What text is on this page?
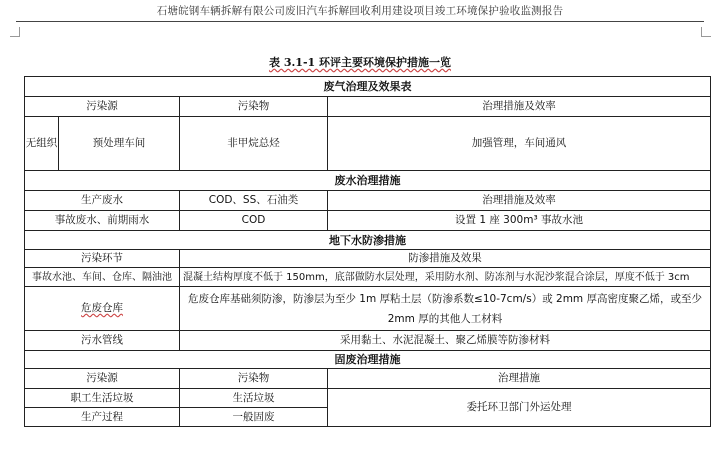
石塘皖钢车辆拆解有限公司废旧汽车拆解回收利用建设项目竣工环境保护验收监测报告
表 3.1-1 环评主要环境保护措施一览
废气治理及效果表			
污染源		污染物	治理措施及效率
无组织	预处理车间	非甲烷总烃	加强管理，车间通风
废水治理措施			
生产废水		COD、SS、石油类	治理措施及效率
事故废水、前期雨水		COD	设置 1 座 300m³ 事故水池
地下水防渗措施			
污染环节		防渗措施及效果	
事故水池、车间、仓库、隔油池		混凝土结构厚度不低于 150mm，底部做防水层处理，采用防水剂、防冻剂与水泥沙浆混合涂层，厚度不低于 3cm	
危废仓库		危废仓库基础须防渗，防渗层为至少 1m 厚粘土层（防渗系数≤10-7cm/s）或 2mm 厚高密度聚乙烯，或至少 2mm 厚的其他人工材料	
污水管线		采用黏土、水泥混凝土、聚乙烯膜等防渗材料	
固废治理措施			
污染源		污染物	治理措施
职工生活垃圾		生活垃圾	委托环卫部门外运处理
生产过程		一般固废	
